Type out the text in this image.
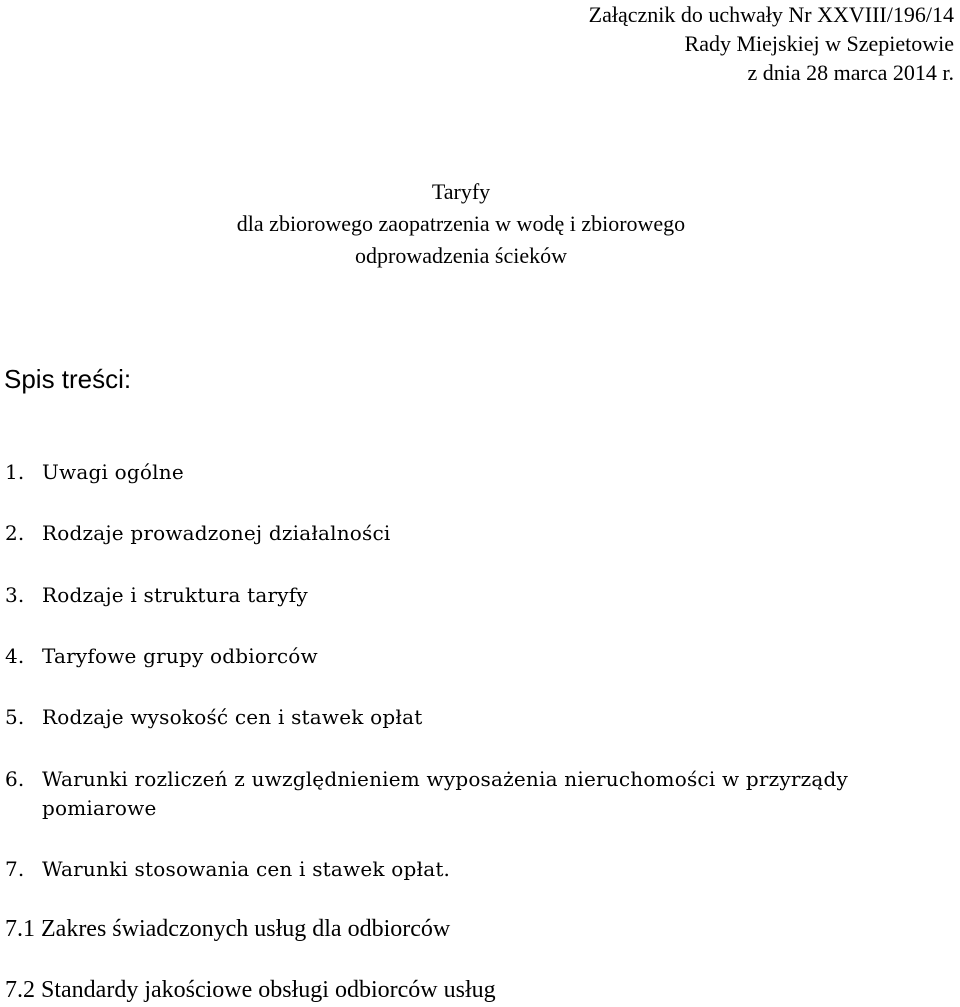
Załącznik do uchwały Nr XXVIII/196/14
Rady Miejskiej w Szepietowie
z dnia 28 marca 2014 r.
Taryfy
dla zbiorowego zaopatrzenia w wodę i zbiorowego
odprowadzenia ścieków
Spis treści:
1. Uwagi ogólne
2. Rodzaje prowadzonej działalności
3. Rodzaje i struktura taryfy
4. Taryfowe grupy odbiorców
5. Rodzaje wysokość cen i stawek opłat
6. Warunki rozliczeń z uwzględnieniem wyposażenia nieruchomości w przyrządy
pomiarowe
7. Warunki stosowania cen i stawek opłat.
7.1 Zakres świadczonych usług dla odbiorców
7.2 Standardy jakościowe obsługi odbiorców usług
